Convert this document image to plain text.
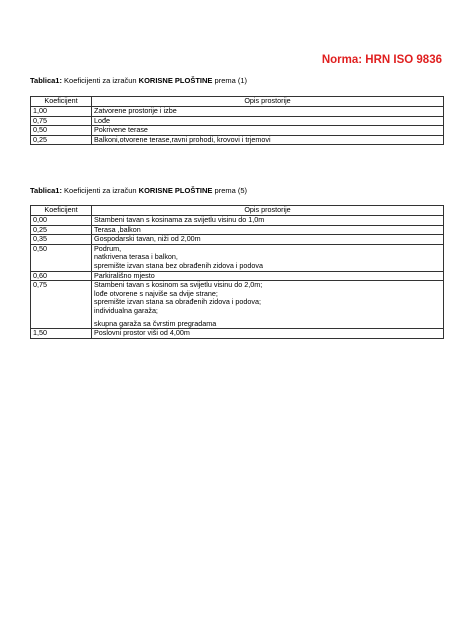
Norma: HRN ISO 9836
Tablica1: Koeficijenti za izračun KORISNE PLOŠTINE prema (1)
Koeficijent	Opis prostorije
1,00	Zatvorene prostorije i izbe

0,75	Lođe

0,50	Pokrivene terase

0,25	Balkoni,otvorene terase,ravni prohodi, krovovi i trjemovi
Tablica1: Koeficijenti za izračun KORISNE PLOŠTINE prema (5)
Koeficijent	Opis prostorije
0,00	Stambeni tavan s kosinama za svijetlu visinu do 1,0m

0,25	Terasa ,balkon

0,35	Gospodarski tavan, niži od 2,00m

0,50	Podrum,
natkrivena terasa i balkon,
spremište izvan stana bez obrađenih zidova i podova

0,60	Parkirališno mjesto

0,75	Stambeni tavan s kosinom sa svijetlu visinu do 2,0m;
lođe otvorene s najviše sa dvije strane;
spremište izvan stana sa obrađenih zidova i podova;
individualna garaža;
skupna garaža sa čvrstim pregradama

1,50	Poslovni prostor viši od 4,00m
